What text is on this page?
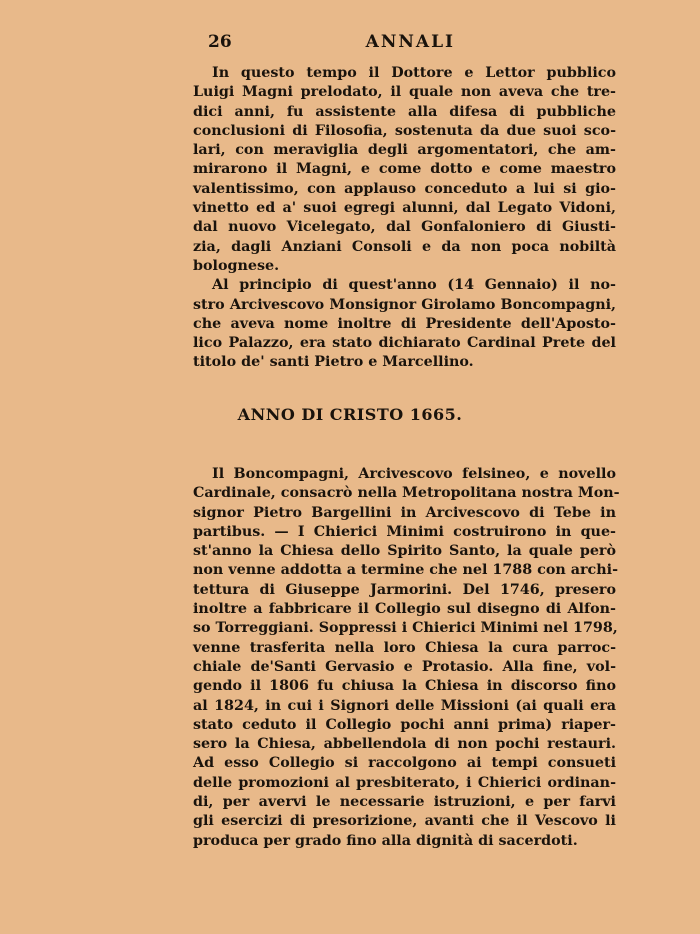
26	ANNALI
In questo tempo il Dottore e Lettor pubblico
Luigi Magni prelodato, il quale non aveva che tre-
dici anni, fu assistente alla difesa di pubbliche
conclusioni di Filosofia, sostenuta da due suoi sco-
lari, con meraviglia degli argomentatori, che am-
mirarono il Magni, e come dotto e come maestro
valentissimo, con applauso conceduto a lui si gio-
vinetto ed a' suoi egregi alunni, dal Legato Vidoni,
dal nuovo Vicelegato, dal Gonfaloniero di Giusti-
zia, dagli Anziani Consoli e da non poca nobiltà
bolognese.
Al principio di quest'anno (14 Gennaio) il no-
stro Arcivescovo Monsignor Girolamo Boncompagni,
che aveva nome inoltre di Presidente dell'Aposto-
lico Palazzo, era stato dichiarato Cardinal Prete del
titolo de' santi Pietro e Marcellino.
ANNO DI CRISTO 1665.
Il Boncompagni, Arcivescovo felsineo, e novello
Cardinale, consacrò nella Metropolitana nostra Mon-
signor Pietro Bargellini in Arcivescovo di Tebe in
partibus. — I Chierici Minimi costruirono in que-
st'anno la Chiesa dello Spirito Santo, la quale però
non venne addotta a termine che nel 1788 con archi-
tettura di Giuseppe Jarmorini. Del 1746, presero
inoltre a fabbricare il Collegio sul disegno di Alfon-
so Torreggiani. Soppressi i Chierici Minimi nel 1798,
venne trasferita nella loro Chiesa la cura parroc-
chiale de'Santi Gervasio e Protasio. Alla fine, vol-
gendo il 1806 fu chiusa la Chiesa in discorso fino
al 1824, in cui i Signori delle Missioni (ai quali era
stato ceduto il Collegio pochi anni prima) riaper-
sero la Chiesa, abbellendola di non pochi restauri.
Ad esso Collegio si raccolgono ai tempi consueti
delle promozioni al presbiterato, i Chierici ordinan-
di, per avervi le necessarie istruzioni, e per farvi
gli esercizi di presorizione, avanti che il Vescovo li
produca per grado fino alla dignità di sacerdoti.
